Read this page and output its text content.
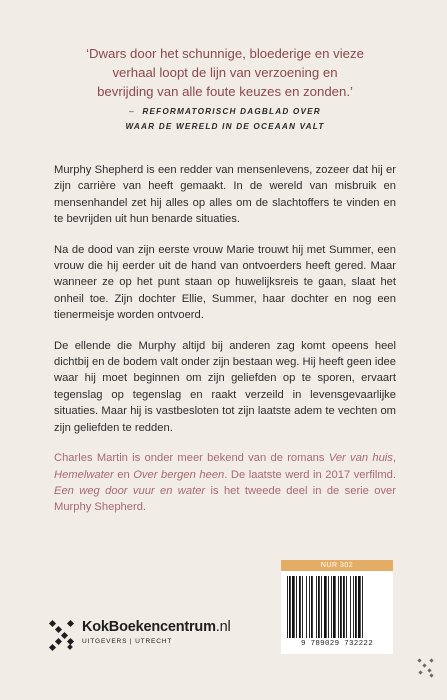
‘Dwars door het schunnige, bloederige en vieze
verhaal loopt de lijn van verzoening en
bevrijding van alle foute keuzes en zonden.’
– REFORMATORISCH DAGBLAD OVER
WAAR DE WERELD IN DE OCEAAN VALT

Murphy Shepherd is een redder van mensenlevens, zozeer dat hij er zijn carrière van heeft gemaakt. In de wereld van misbruik en mensenhandel zet hij alles op alles om de slachtoffers te vinden en te bevrijden uit hun benarde situaties.

Na de dood van zijn eerste vrouw Marie trouwt hij met Summer, een vrouw die hij eerder uit de hand van ontvoerders heeft gered. Maar wanneer ze op het punt staan op huwelijksreis te gaan, slaat het onheil toe. Zijn dochter Ellie, Summer, haar dochter en nog een tienermeisje worden ontvoerd.

De ellende die Murphy altijd bij anderen zag komt opeens heel dichtbij en de bodem valt onder zijn bestaan weg. Hij heeft geen idee waar hij moet beginnen om zijn geliefden op te sporen, ervaart tegenslag op tegenslag en raakt verzeild in levensgevaarlijke situaties. Maar hij is vastbesloten tot zijn laatste adem te vechten om zijn geliefden te redden.

Charles Martin is onder meer bekend van de romans Ver van huis, Hemelwater en Over bergen heen. De laatste werd in 2017 verfilmd. Een weg door vuur en water is het tweede deel in de serie over Murphy Shepherd.

KokBoekencentrum.nl
UITGEVERS | UTRECHT
NUR 302
9 789029 732222
